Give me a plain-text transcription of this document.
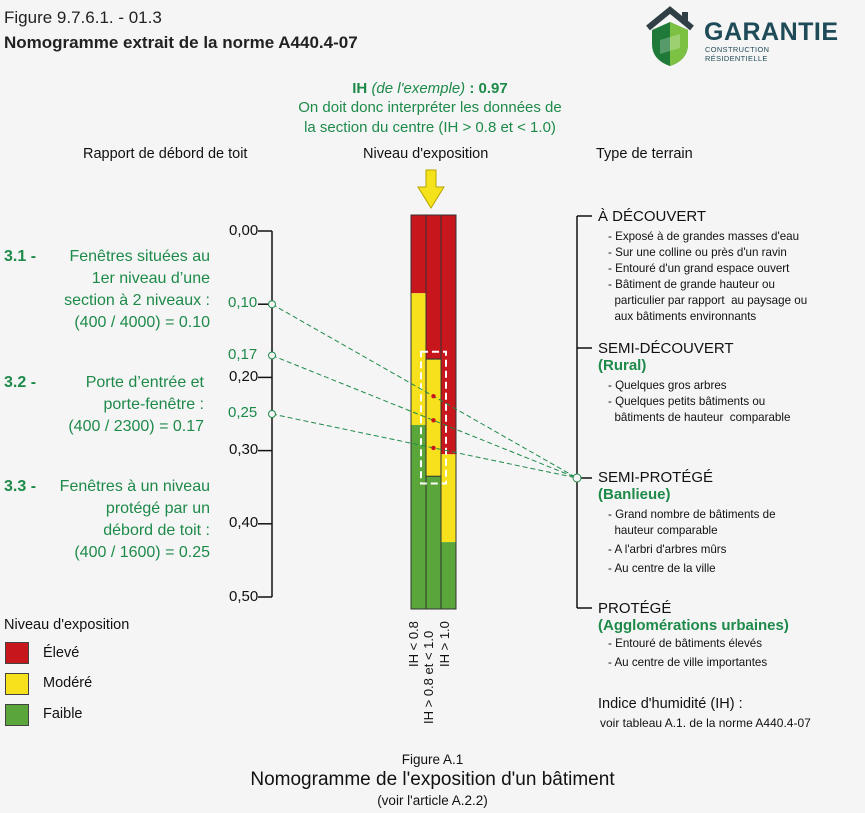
Figure 9.7.6.1. - 01.3
Nomogramme extrait de la norme A440.4-07	GARANTIE
CONSTRUCTION RÉSIDENTIELLE
IH (de l'exemple) : 0.97
On doit donc interpréter les données de
la section du centre (IH > 0.8 et < 1.0)
Rapport de débord de toit	Niveau d'exposition	Type de terrain
3.1 -	Fenêtres situées au
1er niveau d’une
section à 2 niveaux :
(400 / 4000) = 0.10
3.2 -	Porte d’entrée et
porte-fenêtre :
(400 / 2300) = 0.17
3.3 -	Fenêtres à un niveau
protégé par un
débord de toit :
(400 / 1600) = 0.25
0,00
0,10
0,17
0,20
0,25
0,30
0,40
0,50
IH < 0.8 IH > 0.8 et < 1.0 IH > 1.0
À DÉCOUVERT
- Exposé à de grandes masses d'eau
- Sur une colline ou près d'un ravin
- Entouré d'un grand espace ouvert
- Bâtiment de grande hauteur ou
particulier par rapport  au paysage ou
aux bâtiments environnants
SEMI-DÉCOUVERT
(Rural)
- Quelques gros arbres
- Quelques petits bâtiments ou
bâtiments de hauteur  comparable
SEMI-PROTÉGÉ
(Banlieue)
- Grand nombre de bâtiments de
hauteur comparable
- A l'arbri d'arbres mûrs
- Au centre de la ville
PROTÉGÉ
(Agglomérations urbaines)
- Entouré de bâtiments élevés
- Au centre de ville importantes
Niveau d'exposition
Élevé
Modéré
Faible
Indice d'humidité (IH) :
voir tableau A.1. de la norme A440.4-07
Figure A.1
Nomogramme de l'exposition d'un bâtiment
(voir l'article A.2.2)
